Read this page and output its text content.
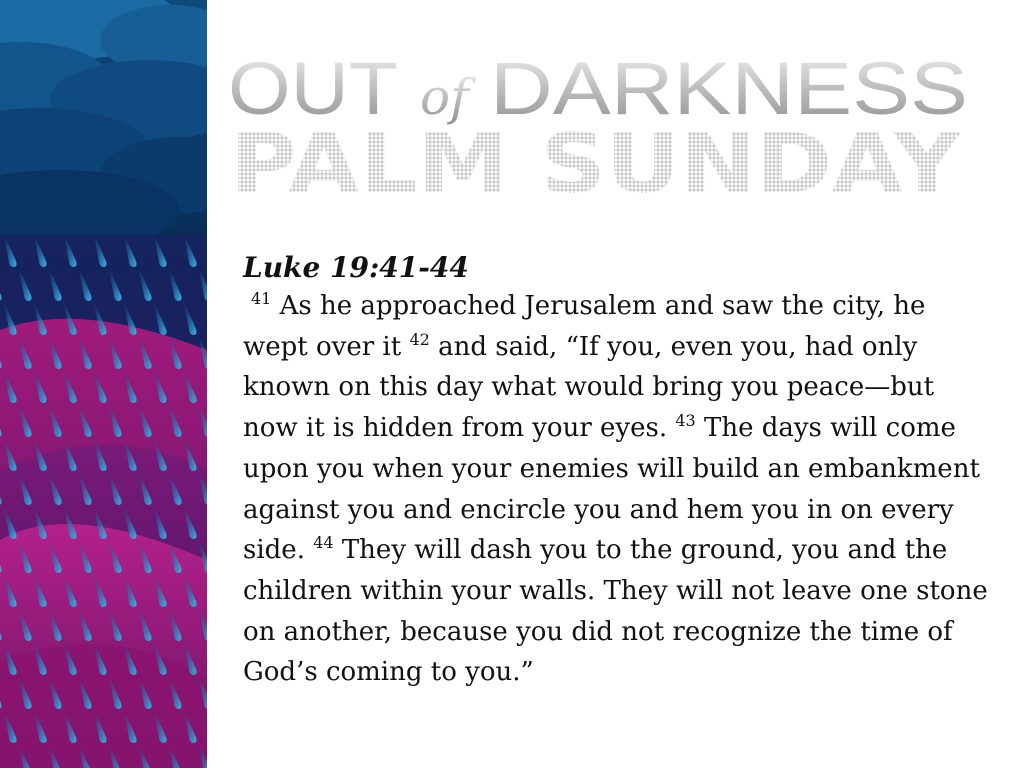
OUT of DARKNESS
PALM SUNDAY
Luke 19:41-44

$^{41}$ As he approached Jerusalem and saw the city, he wept over it $^{42}$ and said, “If you, even you, had only known on this day what would bring you peace—but now it is hidden from your eyes. $^{43}$ The days will come upon you when your enemies will build an embankment against you and encircle you and hem you in on every side. $^{44}$ They will dash you to the ground, you and the children within your walls. They will not leave one stone on another, because you did not recognize the time of God’s coming to you.”
